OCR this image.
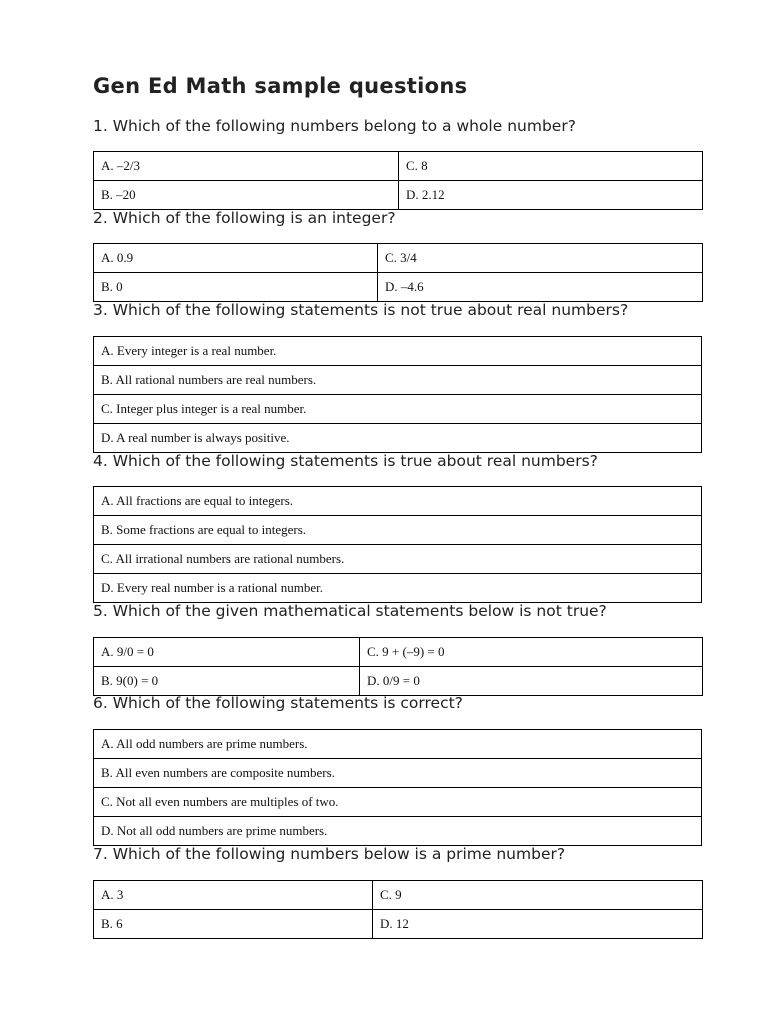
Gen Ed Math sample questions
1. Which of the following numbers belong to a whole number?
A. –2/3	C. 8
B. –20	D. 2.12
2. Which of the following is an integer?
A. 0.9	C. 3/4
B. 0	D. –4.6
3. Which of the following statements is not true about real numbers?
A. Every integer is a real number.
B. All rational numbers are real numbers.
C. Integer plus integer is a real number.
D. A real number is always positive.
4. Which of the following statements is true about real numbers?
A. All fractions are equal to integers.
B. Some fractions are equal to integers.
C. All irrational numbers are rational numbers.
D. Every real number is a rational number.
5. Which of the given mathematical statements below is not true?
A. 9/0 = 0	C. 9 + (–9) = 0
B. 9(0) = 0	D. 0/9 = 0
6. Which of the following statements is correct?
A. All odd numbers are prime numbers.
B. All even numbers are composite numbers.
C. Not all even numbers are multiples of two.
D. Not all odd numbers are prime numbers.
7. Which of the following numbers below is a prime number?
A. 3	C. 9
B. 6	D. 12
